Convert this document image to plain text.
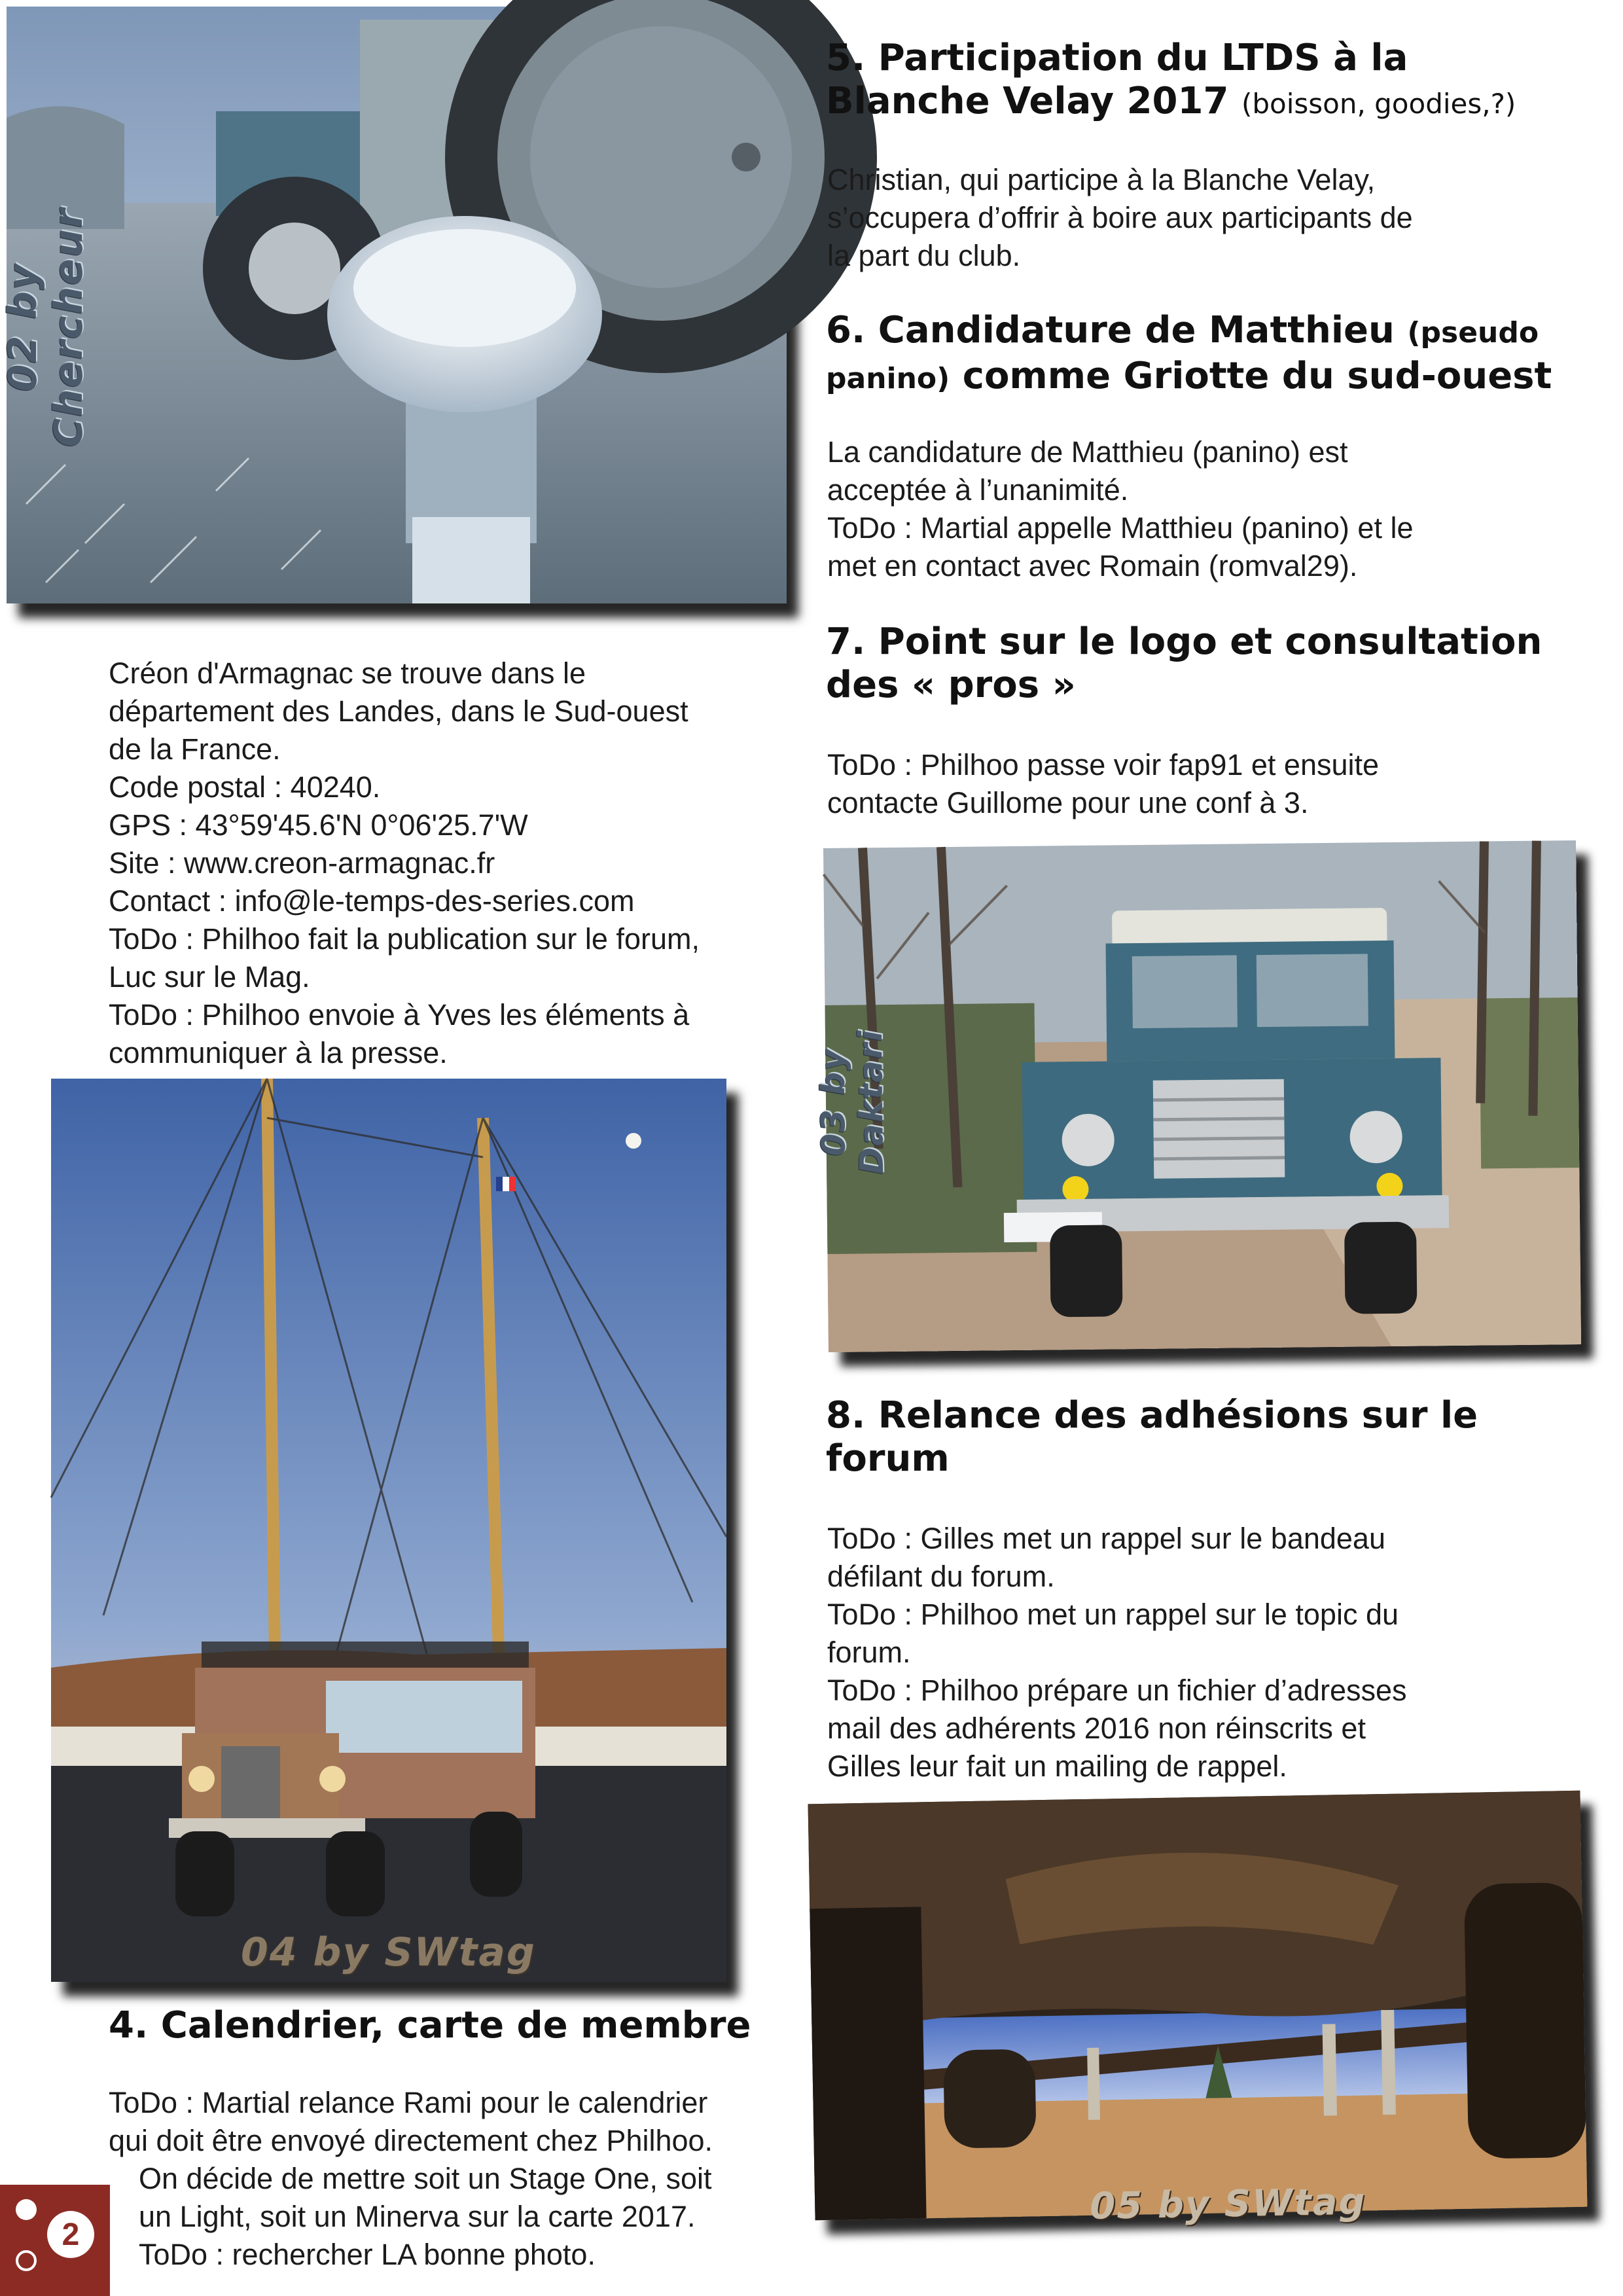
02 by Chercheur
5. Participation du LTDS à la
Blanche Velay 2017 (boisson, goodies,?)
Christian, qui participe à la Blanche Velay,
s’occupera d’offrir à boire aux participants de
la part du club.
6. Candidature de Matthieu (pseudo
panino) comme Griotte du sud-ouest
La candidature de Matthieu (panino) est
acceptée à l’unanimité.
ToDo : Martial appelle Matthieu (panino) et le
met en contact avec Romain (romval29).
7. Point sur le logo et consultation
des « pros »
ToDo : Philhoo passe voir fap91 et ensuite
contacte Guillome pour une conf à 3.
Créon d'Armagnac se trouve dans le
département des Landes, dans le Sud-ouest
de la France.
Code postal : 40240.
GPS : 43°59'45.6'N 0°06'25.7'W
Site : www.creon-armagnac.fr
Contact : info@le-temps-des-series.com
ToDo : Philhoo fait la publication sur le forum,
Luc sur le Mag.
ToDo : Philhoo envoie à Yves les éléments à
communiquer à la presse.	03 by Daktari
8. Relance des adhésions sur le
forum
ToDo : Gilles met un rappel sur le bandeau
défilant du forum.
ToDo : Philhoo met un rappel sur le topic du
forum.
ToDo : Philhoo prépare un fichier d’adresses
mail des adhérents 2016 non réinscrits et
Gilles leur fait un mailing de rappel.
04 by SWtag
4. Calendrier, carte de membre
ToDo : Martial relance Rami pour le calendrier
qui doit être envoyé directement chez Philhoo.
On décide de mettre soit un Stage One, soit
un Light, soit un Minerva sur la carte 2017.
ToDo : rechercher LA bonne photo.
05 by SWtag
2
